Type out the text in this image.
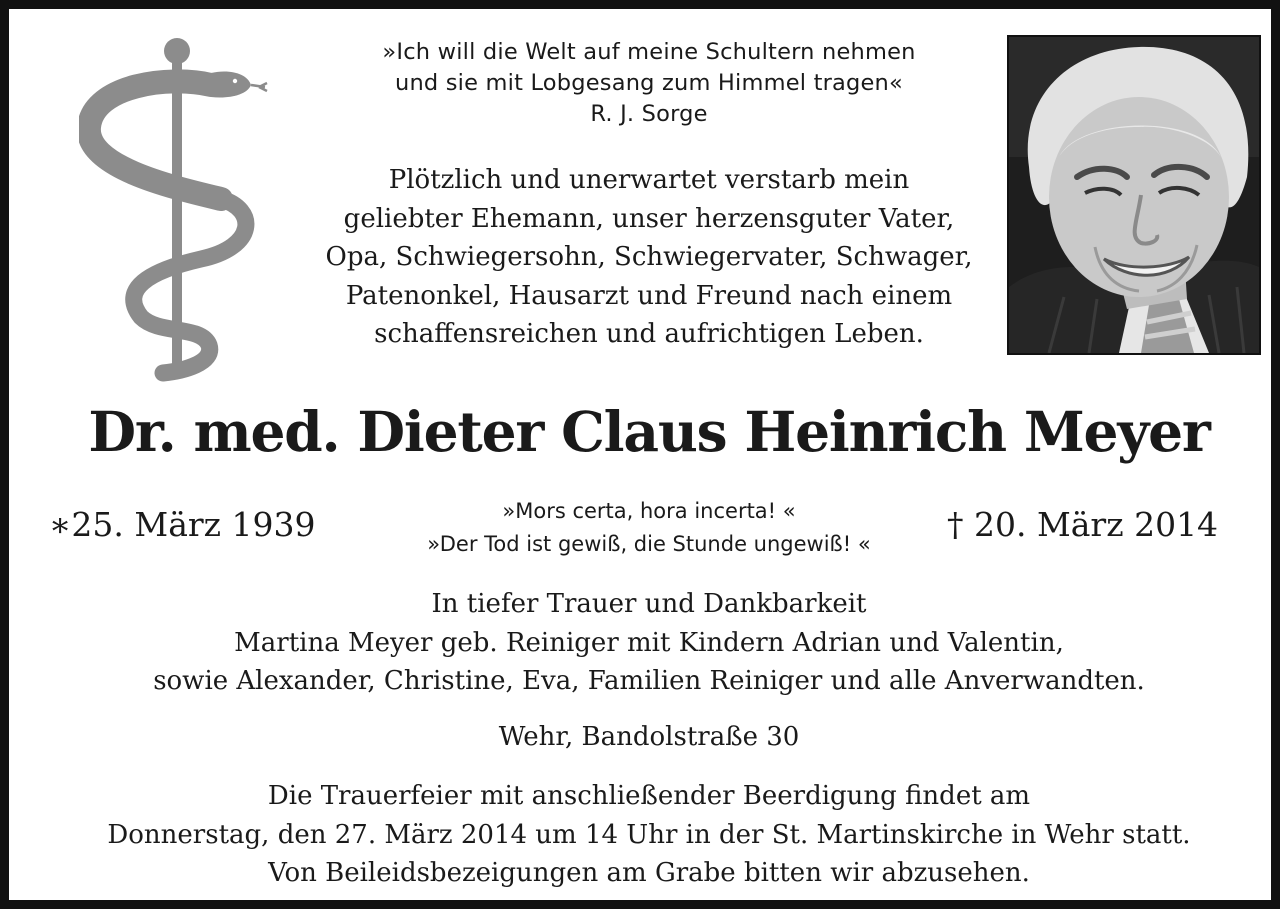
»Ich will die Welt auf meine Schultern nehmen
und sie mit Lobgesang zum Himmel tragen«
R. J. Sorge
Plötzlich und unerwartet verstarb mein
geliebter Ehemann, unser herzensguter Vater,
Opa, Schwiegersohn, Schwiegervater, Schwager,
Patenonkel, Hausarzt und Freund nach einem
schaffensreichen und aufrichtigen Leben.
Dr. med. Dieter Claus Heinrich Meyer
∗25. März 1939	»Mors certa, hora incerta! «
»Der Tod ist gewiß, die Stunde ungewiß! «	† 20. März 2014
In tiefer Trauer und Dankbarkeit
Martina Meyer geb. Reiniger mit Kindern Adrian und Valentin,
sowie Alexander, Christine, Eva, Familien Reiniger und alle Anverwandten.
Wehr, Bandolstraße 30
Die Trauerfeier mit anschließender Beerdigung findet am
Donnerstag, den 27. März 2014 um 14 Uhr in der St. Martinskirche in Wehr statt.
Von Beileidsbezeigungen am Grabe bitten wir abzusehen.
